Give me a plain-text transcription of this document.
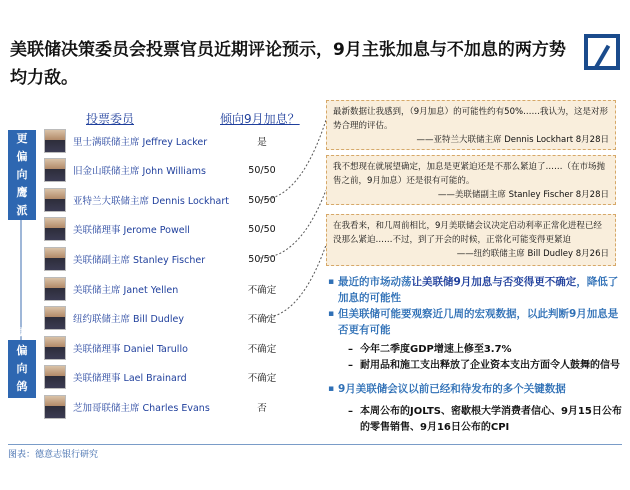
美联储决策委员会投票官员近期评论预示，9月主张加息与不加息的两方势均力敌。
投票委员	倾向9月加息？
更
偏
向
鹰
派
更
偏
向
鸽
派
里士满联储主席 Jeffrey Lacker	是
旧金山联储主席 John Williams	50/50
亚特兰大联储主席 Dennis Lockhart	50/50
美联储理事 Jerome Powell	50/50
美联储副主席 Stanley Fischer	50/50
美联储主席 Janet Yellen	不确定
纽约联储主席 Bill Dudley	不确定
美联储理事 Daniel Tarullo	不确定
美联储理事 Lael Brainard	不确定
芝加哥联储主席 Charles Evans	否
最新数据让我感到，（9月加息）的可能性约有50%……我认为，这是对形势合理的评估。
——亚特兰大联储主席 Dennis Lockhart 8月28日
我不想现在就展望确定，加息是更紧迫还是不那么紧迫了……（在市场抛售之前，9月加息）还是很有可能的。
——美联储副主席 Stanley Fischer 8月28日
在我看来，和几周前相比，9月美联储会议决定启动利率正常化进程已经没那么紧迫……不过，到了开会的时候，正常化可能变得更紧迫
——纽约联储主席 Bill Dudley 8月26日
▪ 最近的市场动荡让美联储9月加息与否变得更不确定，降低了加息的可能性
▪ 但美联储可能要观察近几周的宏观数据，以此判断9月加息是否更有可能
– 今年二季度GDP增速上修至3.7%
– 耐用品和施工支出释放了企业资本支出方面令人鼓舞的信号
▪ 9月美联储会议以前已经和待发布的多个关键数据
– 本周公布的JOLTS、密歇根大学消费者信心、9月15日公布的零售销售、9月16日公布的CPI
图表：德意志银行研究
